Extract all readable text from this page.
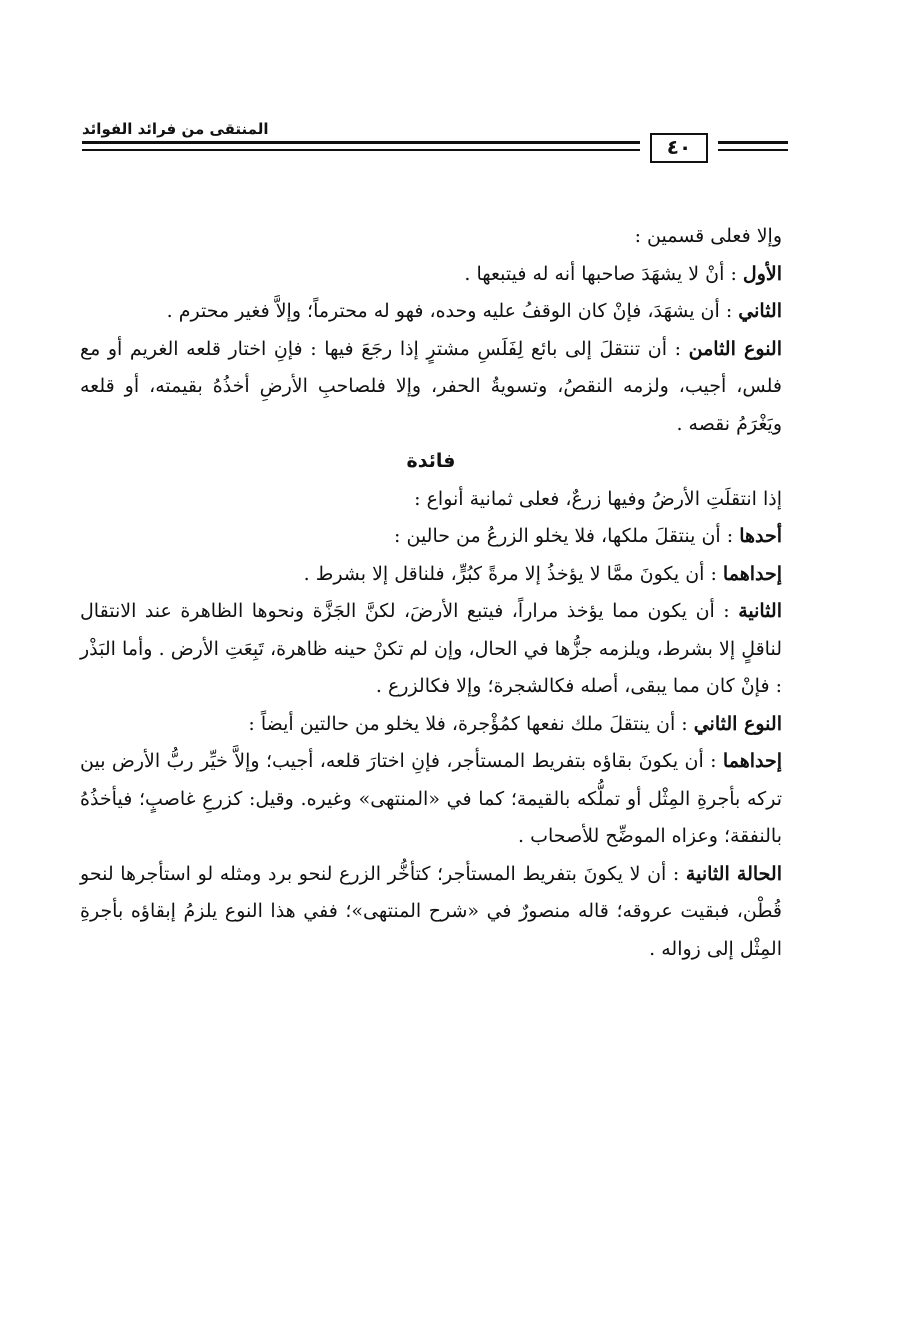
المنتقى من فرائد الفوائد
٤٠

وإلا فعلى قسمين :

الأول : أنْ لا يشهَدَ صاحبها أنه له فيتبعها .

الثاني : أن يشهَدَ، فإنْ كان الوقفُ عليه وحده، فهو له محترماً؛ وإلاَّ فغير محترم .

النوع الثامن : أن تنتقلَ إلى بائع لِفَلَسِ مشترٍ إذا رجَعَ فيها : فإنِ اختار قلعه الغريم أو مع فلس، أجيب، ولزمه النقصُ، وتسويةُ الحفر، وإلا فلصاحبِ الأرضِ أخذُهُ بقيمته، أو قلعه ويَغْرَمُ نقصه .

فائدة

إذا انتقلَتِ الأرضُ وفيها زرعٌ، فعلى ثمانية أنواع :

أحدها : أن ينتقلَ ملكها، فلا يخلو الزرعُ من حالين :

إحداهما : أن يكونَ ممَّا لا يؤخذُ إلا مرةً كبُرٍّ، فلناقل إلا بشرط .

الثانية : أن يكون مما يؤخذ مراراً، فيتبع الأرضَ، لكنَّ الجَزَّة ونحوها الظاهرة عند الانتقال لناقلٍ إلا بشرط، ويلزمه جزُّها في الحال، وإن لم تكنْ حينه ظاهرة، تَبِعَتِ الأرض . وأما البَذْر : فإنْ كان مما يبقى، أصله فكالشجرة؛ وإلا فكالزرع .

النوع الثاني : أن ينتقلَ ملك نفعها كمُؤْجرة، فلا يخلو من حالتين أيضاً :

إحداهما : أن يكونَ بقاؤه بتفريط المستأجر، فإنِ اختارَ قلعه، أجيب؛ وإلاَّ خيِّر ربُّ الأرض بين تركه بأجرةِ المِثْل أو تملُّكه بالقيمة؛ كما في «المنتهى» وغيره. وقيل: كزرعِ غاصبٍ؛ فيأخذُهُ بالنفقة؛ وعزاه الموضِّح للأصحاب .

الحالة الثانية : أن لا يكونَ بتفريط المستأجر؛ كتأخُّر الزرع لنحو برد ومثله لو استأجرها لنحو قُطْن، فبقيت عروقه؛ قاله منصورٌ في «شرح المنتهى»؛ ففي هذا النوع يلزمُ إبقاؤه بأجرةِ المِثْل إلى زواله .
